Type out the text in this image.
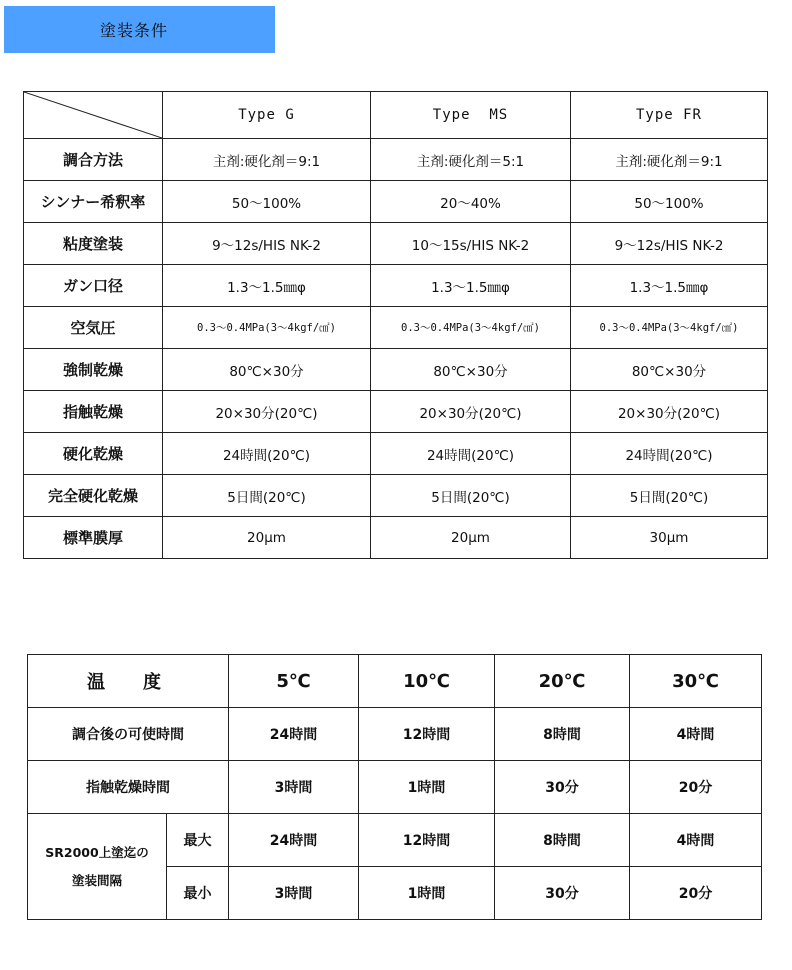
塗装条件
	Type G	Type  MS	Type FR
調合方法	主剤:硬化剤＝9:1	主剤:硬化剤＝5:1	主剤:硬化剤＝9:1
シンナー希釈率	50〜100%	20〜40%	50〜100%
粘度塗装	9〜12s/HIS NK-2	10〜15s/HIS NK-2	9〜12s/HIS NK-2
ガン口径	1.3〜1.5㎜φ	1.3〜1.5㎜φ	1.3〜1.5㎜φ
空気圧	0.3〜0.4MPa(3〜4kgf/㎠)	0.3〜0.4MPa(3〜4kgf/㎠)	0.3〜0.4MPa(3〜4kgf/㎠)
強制乾燥	80℃×30分	80℃×30分	80℃×30分
指触乾燥	20×30分(20℃)	20×30分(20℃)	20×30分(20℃)
硬化乾燥	24時間(20℃)	24時間(20℃)	24時間(20℃)
完全硬化乾燥	5日間(20℃)	5日間(20℃)	5日間(20℃)
標準膜厚	20μm	20μm	30μm
温度		5℃	10℃	20℃	30℃
調合後の可使時間		24時間	12時間	8時間	4時間
指触乾燥時間		3時間	1時間	30分	20分

SR2000上塗迄の
塗装間隔	最大	24時間	12時間	8時間	4時間
	最小	3時間	1時間	30分	20分
